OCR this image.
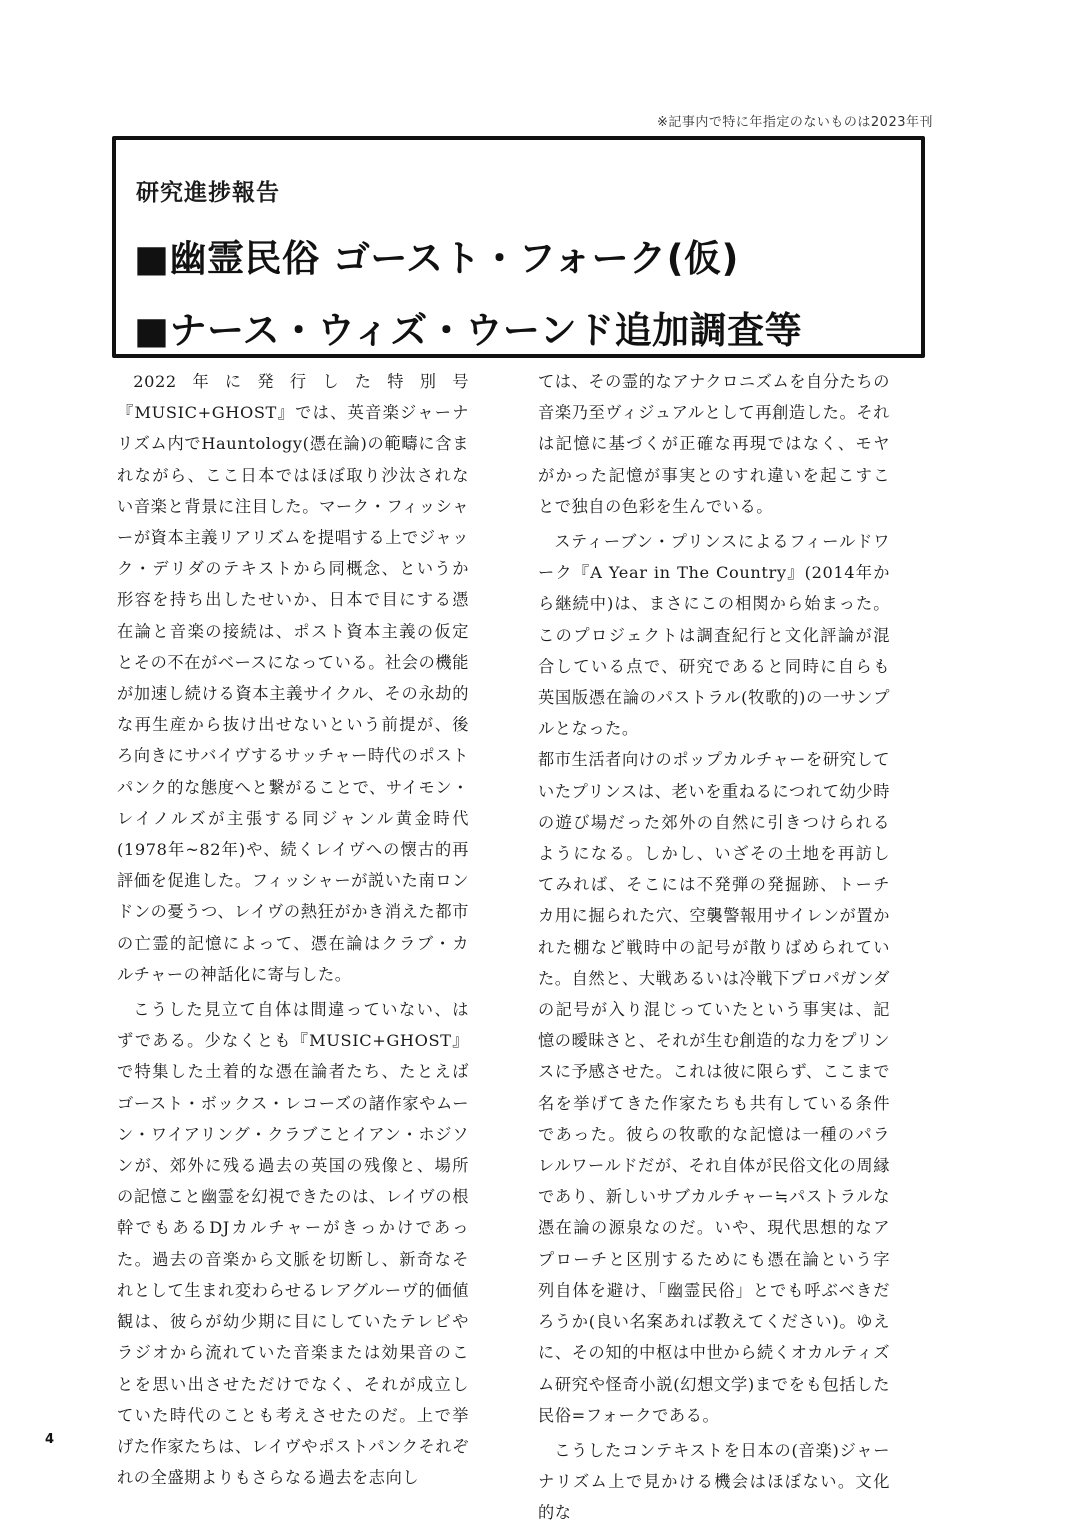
※記事内で特に年指定のないものは2023年刊
研究進捗報告
■幽霊民俗 ゴースト・フォーク(仮)
■ナース・ウィズ・ウーンド追加調査等

2022年に発行した特別号『MUSIC+GHOST』では、英音楽ジャーナリズム内でHauntology(憑在論)の範疇に含まれながら、ここ日本ではほぼ取り沙汰されない音楽と背景に注目した。マーク・フィッシャーが資本主義リアリズムを提唱する上でジャック・デリダのテキストから同概念、というか形容を持ち出したせいか、日本で目にする憑在論と音楽の接続は、ポスト資本主義の仮定とその不在がベースになっている。社会の機能が加速し続ける資本主義サイクル、その永劫的な再生産から抜け出せないという前提が、後ろ向きにサバイヴするサッチャー時代のポストパンク的な態度へと繋がることで、サイモン・レイノルズが主張する同ジャンル黄金時代(1978年~82年)や、続くレイヴへの懐古的再評価を促進した。フィッシャーが説いた南ロンドンの憂うつ、レイヴの熱狂がかき消えた都市の亡霊的記憶によって、憑在論はクラブ・カルチャーの神話化に寄与した。

こうした見立て自体は間違っていない、はずである。少なくとも『MUSIC+GHOST』で特集した土着的な憑在論者たち、たとえばゴースト・ボックス・レコーズの諸作家やムーン・ワイアリング・クラブことイアン・ホジソンが、郊外に残る過去の英国の残像と、場所の記憶こと幽霊を幻視できたのは、レイヴの根幹でもあるDJカルチャーがきっかけであった。過去の音楽から文脈を切断し、新奇なそれとして生まれ変わらせるレアグルーヴ的価値観は、彼らが幼少期に目にしていたテレビやラジオから流れていた音楽または効果音のことを思い出させただけでなく、それが成立していた時代のことも考えさせたのだ。上で挙げた作家たちは、レイヴやポストパンクそれぞれの全盛期よりもさらなる過去を志向し

ては、その霊的なアナクロニズムを自分たちの音楽乃至ヴィジュアルとして再創造した。それは記憶に基づくが正確な再現ではなく、モヤがかった記憶が事実とのすれ違いを起こすことで独自の色彩を生んでいる。

スティーブン・プリンスによるフィールドワーク『A Year in The Country』(2014年から継続中)は、まさにこの相関から始まった。このプロジェクトは調査紀行と文化評論が混合している点で、研究であると同時に自らも英国版憑在論のパストラル(牧歌的)の一サンプルとなった。

都市生活者向けのポップカルチャーを研究していたプリンスは、老いを重ねるにつれて幼少時の遊び場だった郊外の自然に引きつけられるようになる。しかし、いざその土地を再訪してみれば、そこには不発弾の発掘跡、トーチカ用に掘られた穴、空襲警報用サイレンが置かれた棚など戦時中の記号が散りばめられていた。自然と、大戦あるいは冷戦下プロパガンダの記号が入り混じっていたという事実は、記憶の曖昧さと、それが生む創造的な力をプリンスに予感させた。これは彼に限らず、ここまで名を挙げてきた作家たちも共有している条件であった。彼らの牧歌的な記憶は一種のパラレルワールドだが、それ自体が民俗文化の周縁であり、新しいサブカルチャー≒パストラルな憑在論の源泉なのだ。いや、現代思想的なアプローチと区別するためにも憑在論という字列自体を避け、「幽霊民俗」とでも呼ぶべきだろうか(良い名案あれば教えてください)。ゆえに、その知的中枢は中世から続くオカルティズム研究や怪奇小説(幻想文学)までをも包括した民俗=フォークである。

こうしたコンテキストを日本の(音楽)ジャーナリズム上で見かける機会はほぼない。文化的な

4
